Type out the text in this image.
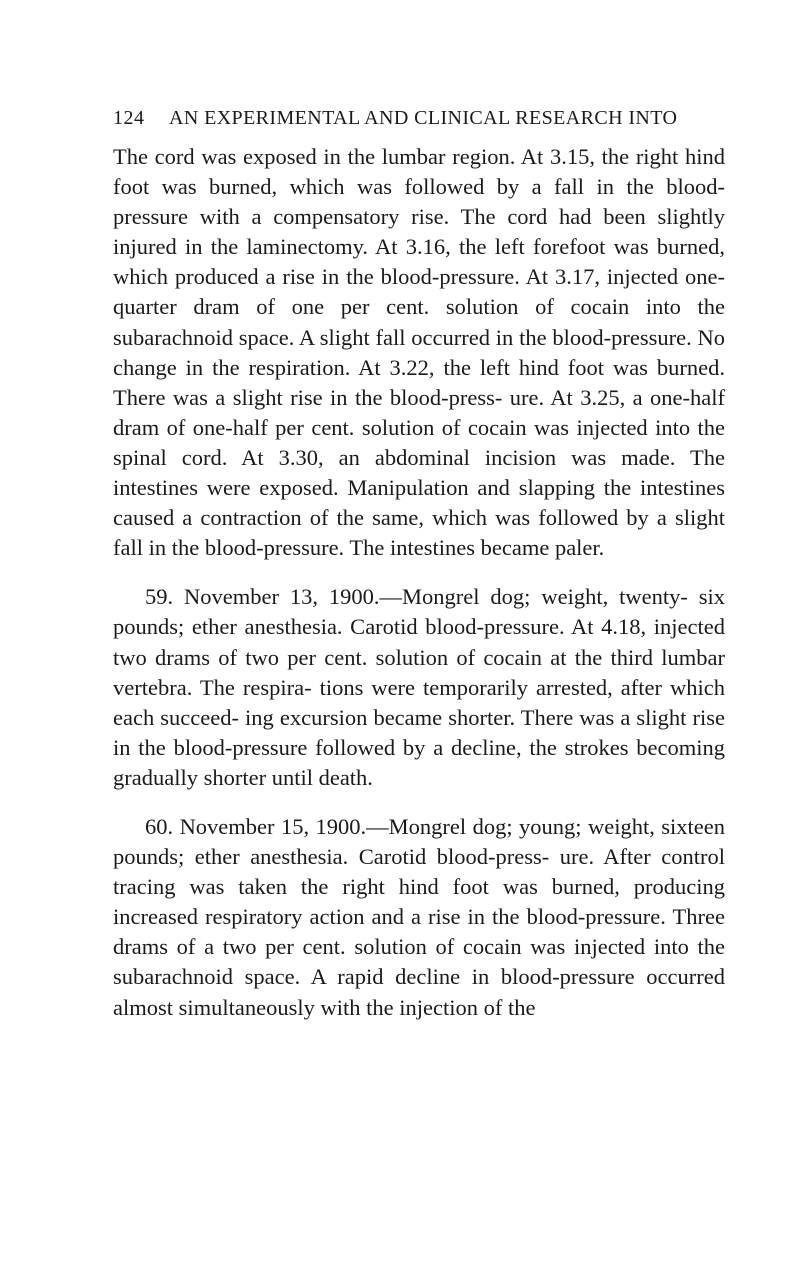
124 AN EXPERIMENTAL AND CLINICAL RESEARCH INTO

The cord was exposed in the lumbar region. At 3.15, the right hind foot was burned, which was followed by a fall in the blood-pressure with a compensatory rise. The cord had been slightly injured in the laminectomy. At 3.16, the left forefoot was burned, which produced a rise in the blood-pressure. At 3.17, injected one-quarter dram of one per cent. solution of cocain into the subarachnoid space. A slight fall occurred in the blood-pressure. No change in the respiration. At 3.22, the left hind foot was burned. There was a slight rise in the blood-press- ure. At 3.25, a one-half dram of one-half per cent. solution of cocain was injected into the spinal cord. At 3.30, an abdominal incision was made. The intestines were exposed. Manipulation and slapping the intestines caused a contraction of the same, which was followed by a slight fall in the blood-pressure. The intestines became paler.

59. November 13, 1900.—Mongrel dog; weight, twenty- six pounds; ether anesthesia. Carotid blood-pressure. At 4.18, injected two drams of two per cent. solution of cocain at the third lumbar vertebra. The respira- tions were temporarily arrested, after which each succeed- ing excursion became shorter. There was a slight rise in the blood-pressure followed by a decline, the strokes becoming gradually shorter until death.

60. November 15, 1900.—Mongrel dog; young; weight, sixteen pounds; ether anesthesia. Carotid blood-press- ure. After control tracing was taken the right hind foot was burned, producing increased respiratory action and a rise in the blood-pressure. Three drams of a two per cent. solution of cocain was injected into the subarachnoid space. A rapid decline in blood-pressure occurred almost simultaneously with the injection of the
